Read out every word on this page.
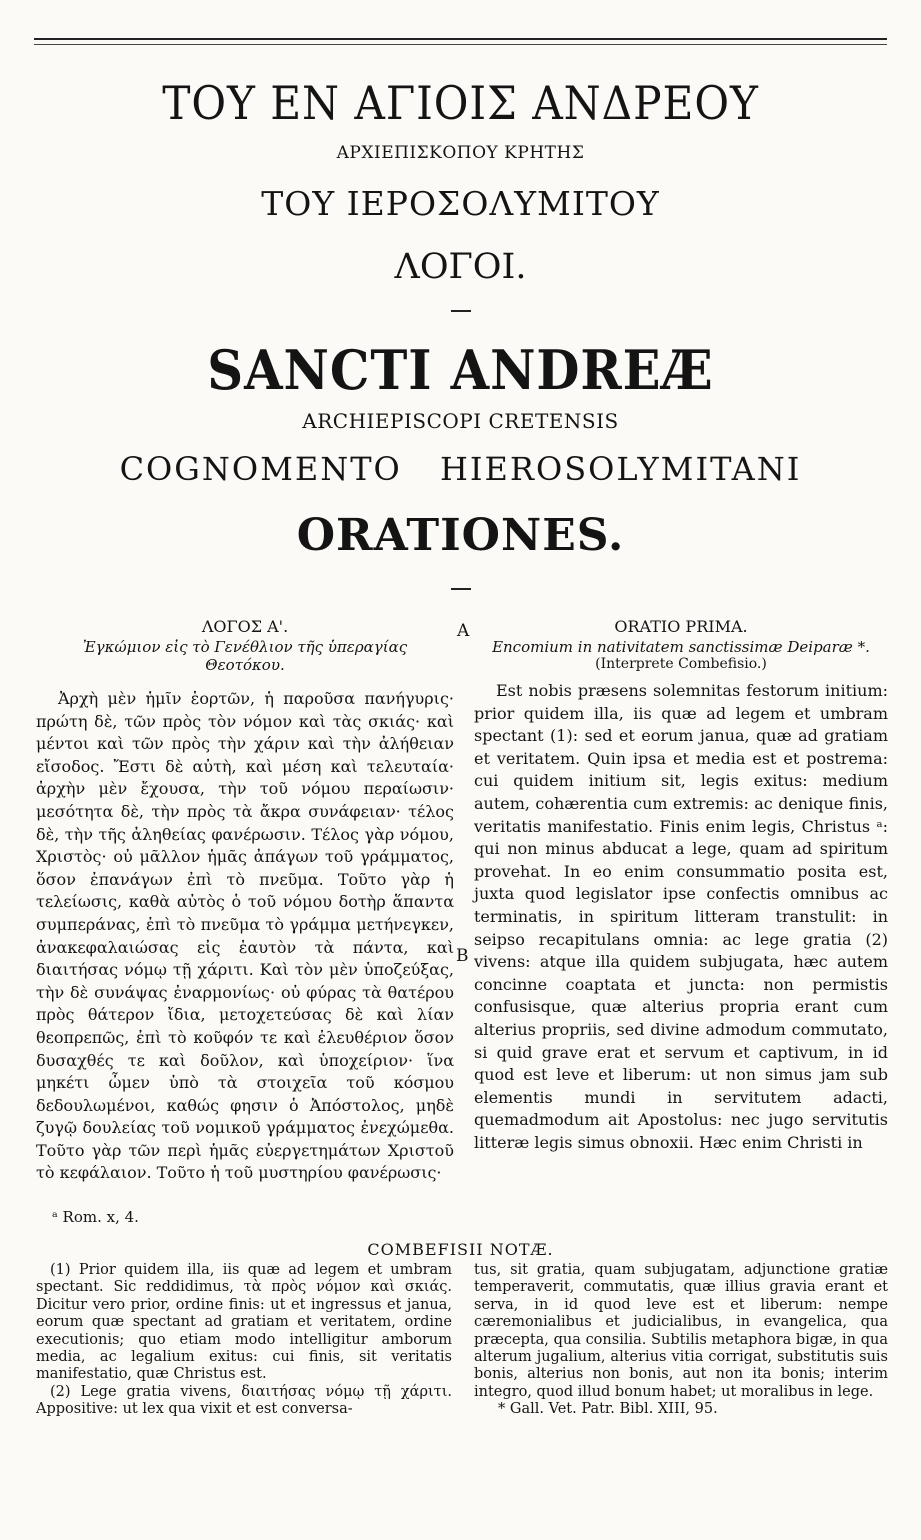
ΤΟΥ ΕΝ ΑΓΙΟΙΣ ΑΝΔΡΕΟΥ
ΑΡΧΙΕΠΙΣΚΟΠΟΥ ΚΡΗΤΗΣ
ΤΟΥ ΙΕΡΟΣΟΛΥΜΙΤΟΥ
ΛΟΓΟΙ.
SANCTI ANDREÆ
ARCHIEPISCOPI CRETENSIS
COGNOMENTO HIEROSOLYMITANI
ORATIONES.
ΛΟΓΟΣ Α'.
Ἐγκώμιον εἰς τὸ Γενέθλιον τῆς ὑπεραγίας Θεοτόκου.

Ἀρχὴ μὲν ἡμῖν ἑορτῶν, ἡ παροῦσα πανήγυρις· πρώτη δὲ, τῶν πρὸς τὸν νόμον καὶ τὰς σκιάς· καὶ μέντοι καὶ τῶν πρὸς τὴν χάριν καὶ τὴν ἀλήθειαν εἴσοδος. Ἔστι δὲ αὐτὴ, καὶ μέση καὶ τελευταία· ἀρχὴν μὲν ἔχουσα, τὴν τοῦ νόμου περαίωσιν· μεσότητα δὲ, τὴν πρὸς τὰ ἄκρα συνάφειαν· τέλος δὲ, τὴν τῆς ἀληθείας φανέρωσιν. Τέλος γὰρ νόμου, Χριστὸς· οὐ μᾶλλον ἡμᾶς ἀπάγων τοῦ γράμματος, ὅσον ἐπανάγων ἐπὶ τὸ πνεῦμα. Τοῦτο γὰρ ἡ τελείωσις, καθὰ αὐτὸς ὁ τοῦ νόμου δοτὴρ ἅπαντα συμπεράνας, ἐπὶ τὸ πνεῦμα τὸ γράμμα μετήνεγκεν, ἀνακεφαλαιώσας εἰς ἑαυτὸν τὰ πάντα, καὶ διαιτήσας νόμῳ τῇ χάριτι. Καὶ τὸν μὲν ὑποζεύξας, τὴν δὲ συνάψας ἐναρμονίως· οὐ φύρας τὰ θατέρου πρὸς θάτερον ἴδια, μετοχετεύσας δὲ καὶ λίαν θεοπρεπῶς, ἐπὶ τὸ κοῦφόν τε καὶ ἐλευθέριον ὅσον δυσαχθές τε καὶ δοῦλον, καὶ ὑποχείριον· ἵνα μηκέτι ὦμεν ὑπὸ τὰ στοιχεῖα τοῦ κόσμου δεδουλωμένοι, καθώς φησιν ὁ Ἀπόστολος, μηδὲ ζυγῷ δουλείας τοῦ νομικοῦ γράμματος ἐνεχώμεθα. Τοῦτο γὰρ τῶν περὶ ἡμᾶς εὐεργετημάτων Χριστοῦ τὸ κεφάλαιον. Τοῦτο ἡ τοῦ μυστηρίου φανέρωσις·

A
B
ORATIO PRIMA.
Encomium in nativitatem sanctissimæ Deiparæ *.
(Interprete Combefisio.)

Est nobis præsens solemnitas festorum initium: prior quidem illa, iis quæ ad legem et umbram spectant (1): sed et eorum janua, quæ ad gratiam et veritatem. Quin ipsa et media est et postrema: cui quidem initium sit, legis exitus: medium autem, cohærentia cum extremis: ac denique finis, veritatis manifestatio. Finis enim legis, Christus ᵃ: qui non minus abducat a lege, quam ad spiritum provehat. In eo enim consummatio posita est, juxta quod legislator ipse confectis omnibus ac terminatis, in spiritum litteram transtulit: in seipso recapitulans omnia: ac lege gratia (2) vivens: atque illa quidem subjugata, hæc autem concinne coaptata et juncta: non permistis confusisque, quæ alterius propria erant cum alterius propriis, sed divine admodum commutato, si quid grave erat et servum et captivum, in id quod est leve et liberum: ut non simus jam sub elementis mundi in servitutem adacti, quemadmodum ait Apostolus: nec jugo servitutis litteræ legis simus obnoxii. Hæc enim Christi in

ᵃ Rom. x, 4.
COMBEFISII NOTÆ.

(1) Prior quidem illa, iis quæ ad legem et umbram spectant. Sic reddidimus, τὰ πρὸς νόμον καὶ σκιάς. Dicitur vero prior, ordine finis: ut et ingressus et janua, eorum quæ spectant ad gratiam et veritatem, ordine executionis; quo etiam modo intelligitur amborum media, ac legalium exitus: cui finis, sit veritatis manifestatio, quæ Christus est.

(2) Lege gratia vivens, διαιτήσας νόμῳ τῇ χάριτι. Appositive: ut lex qua vixit et est conversa-

tus, sit gratia, quam subjugatam, adjunctione gratiæ temperaverit, commutatis, quæ illius gravia erant et serva, in id quod leve est et liberum: nempe cæremonialibus et judicialibus, in evangelica, qua præcepta, qua consilia. Subtilis metaphora bigæ, in qua alterum jugalium, alterius vitia corrigat, substitutis suis bonis, alterius non bonis, aut non ita bonis; interim integro, quod illud bonum habet; ut moralibus in lege.

* Gall. Vet. Patr. Bibl. XIII, 95.
